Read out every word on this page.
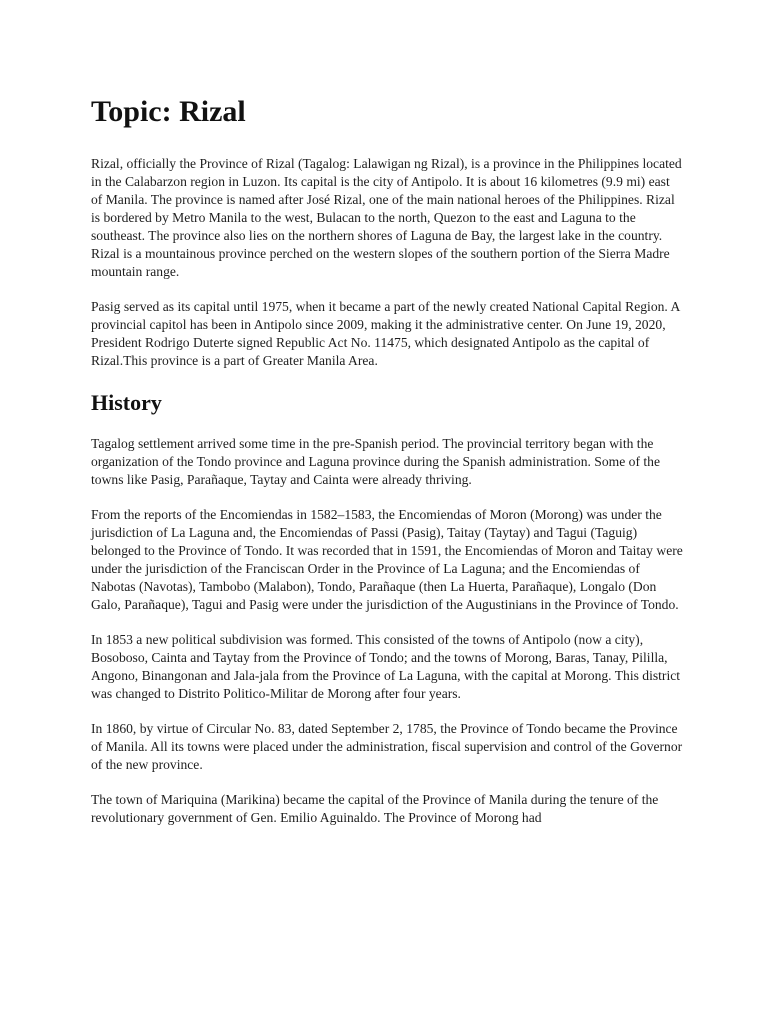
Topic: Rizal

Rizal, officially the Province of Rizal (Tagalog: Lalawigan ng Rizal), is a province in the Philippines located in the Calabarzon region in Luzon. Its capital is the city of Antipolo. It is about 16 kilometres (9.9 mi) east of Manila. The province is named after José Rizal, one of the main national heroes of the Philippines. Rizal is bordered by Metro Manila to the west, Bulacan to the north, Quezon to the east and Laguna to the southeast. The province also lies on the northern shores of Laguna de Bay, the largest lake in the country. Rizal is a mountainous province perched on the western slopes of the southern portion of the Sierra Madre mountain range.

Pasig served as its capital until 1975, when it became a part of the newly created National Capital Region. A provincial capitol has been in Antipolo since 2009, making it the administrative center. On June 19, 2020, President Rodrigo Duterte signed Republic Act No. 11475, which designated Antipolo as the capital of Rizal.This province is a part of Greater Manila Area.

History

Tagalog settlement arrived some time in the pre-Spanish period. The provincial territory began with the organization of the Tondo province and Laguna province during the Spanish administration. Some of the towns like Pasig, Parañaque, Taytay and Cainta were already thriving.

From the reports of the Encomiendas in 1582–1583, the Encomiendas of Moron (Morong) was under the jurisdiction of La Laguna and, the Encomiendas of Passi (Pasig), Taitay (Taytay) and Tagui (Taguig) belonged to the Province of Tondo. It was recorded that in 1591, the Encomiendas of Moron and Taitay were under the jurisdiction of the Franciscan Order in the Province of La Laguna; and the Encomiendas of Nabotas (Navotas), Tambobo (Malabon), Tondo, Parañaque (then La Huerta, Parañaque), Longalo (Don Galo, Parañaque), Tagui and Pasig were under the jurisdiction of the Augustinians in the Province of Tondo.

In 1853 a new political subdivision was formed. This consisted of the towns of Antipolo (now a city), Bosoboso, Cainta and Taytay from the Province of Tondo; and the towns of Morong, Baras, Tanay, Pililla, Angono, Binangonan and Jala-jala from the Province of La Laguna, with the capital at Morong. This district was changed to Distrito Politico-Militar de Morong after four years.

In 1860, by virtue of Circular No. 83, dated September 2, 1785, the Province of Tondo became the Province of Manila. All its towns were placed under the administration, fiscal supervision and control of the Governor of the new province.

The town of Mariquina (Marikina) became the capital of the Province of Manila during the tenure of the revolutionary government of Gen. Emilio Aguinaldo. The Province of Morong had
